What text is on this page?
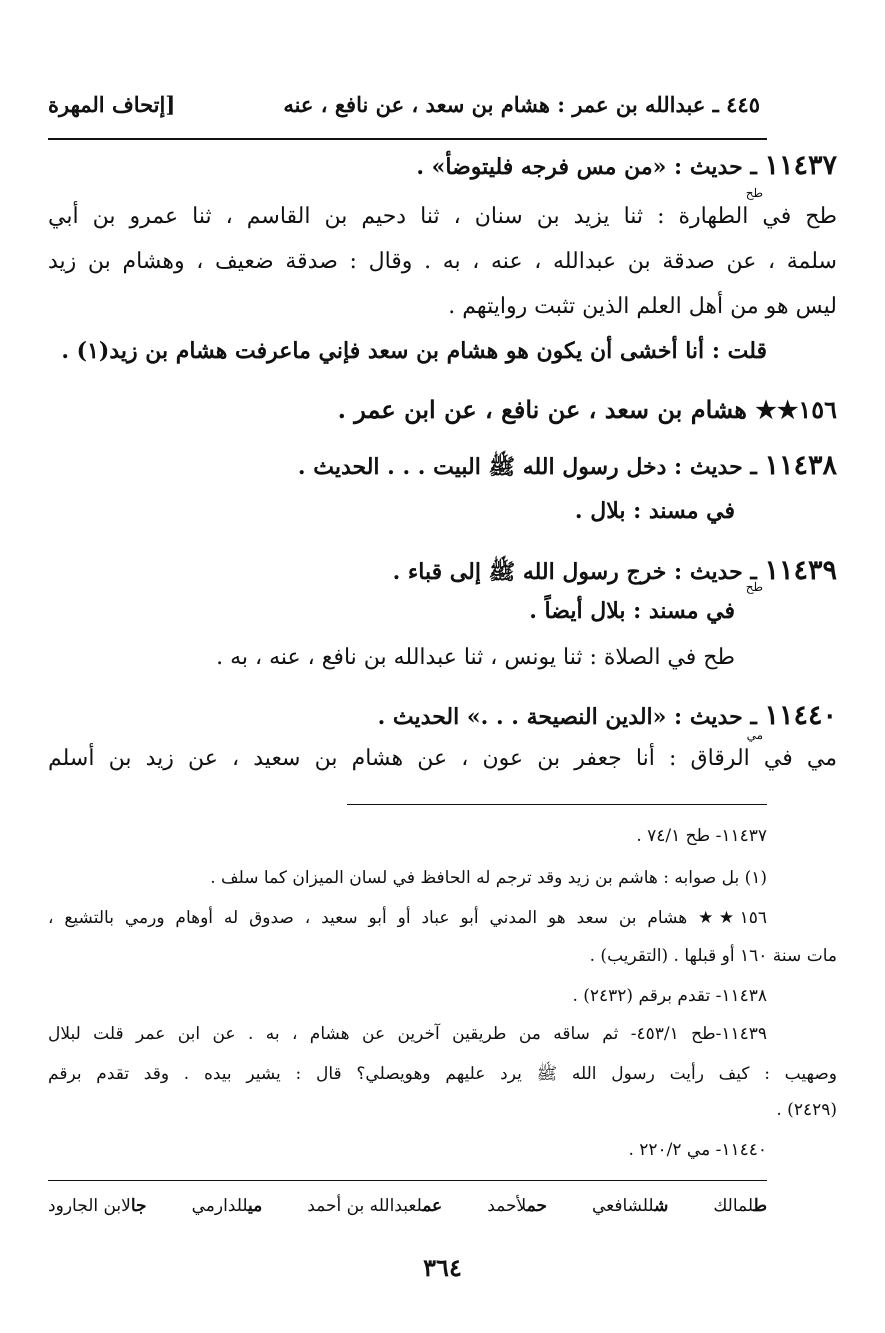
٤٤٥ ـ عبدالله بن عمر : هشام بن سعد ، عن نافع ، عنه
[إتحاف المهرة
١١٤٣٧ ـ حديث : «من مس فرجه فليتوضأ» .
طح
طح في الطهارة : ثنا يزيد بن سنان ، ثنا دحيم بن القاسم ، ثنا عمرو بن أبي
سلمة ، عن صدقة بن عبدالله ، عنه ، به . وقال : صدقة ضعيف ، وهشام بن زيد
ليس هو من أهل العلم الذين تثبت روايتهم .
قلت : أنا أخشى أن يكون هو هشام بن سعد فإني ماعرفت هشام بن زيد(١) .
١٥٦★★ هشام بن سعد ، عن نافع ، عن ابن عمر .
١١٤٣٨ ـ حديث : دخل رسول الله ﷺ البيت . . . الحديث .
في مسند : بلال .
١١٤٣٩ ـ حديث : خرج رسول الله ﷺ إلى قباء .
طح
في مسند : بلال أيضاً .
طح في الصلاة : ثنا يونس ، ثنا عبدالله بن نافع ، عنه ، به .
١١٤٤٠ ـ حديث : «الدين النصيحة . . .» الحديث .
مي
مي في الرقاق : أنا جعفر بن عون ، عن هشام بن سعيد ، عن زيد بن أسلم
١١٤٣٧- طح ٧٤/١ .
(١) بل صوابه : هاشم بن زيد وقد ترجم له الحافظ في لسان الميزان كما سلف .
١٥٦★★ هشام بن سعد هو المدني أبو عباد أو أبو سعيد ، صدوق له أوهام ورمي بالتشيع ،
مات سنة ١٦٠ أو قبلها . (التقريب) .
١١٤٣٨- تقدم برقم (٢٤٣٢) .
١١٤٣٩-طح ٤٥٣/١- ثم ساقه من طريقين آخرين عن هشام ، به . عن ابن عمر قلت لبلال
وصهيب : كيف رأيت رسول الله ﷺ يرد عليهم وهويصلي؟ قال : يشير بيده . وقد تقدم برقم
(٢٤٢٩) .
١١٤٤٠- مي ٢٢٠/٢ .
طلمالك
شللشافعي
حملأحمد
عملعبدالله بن أحمد
ميللدارمي
جالابن الجارود
٣٦٤
